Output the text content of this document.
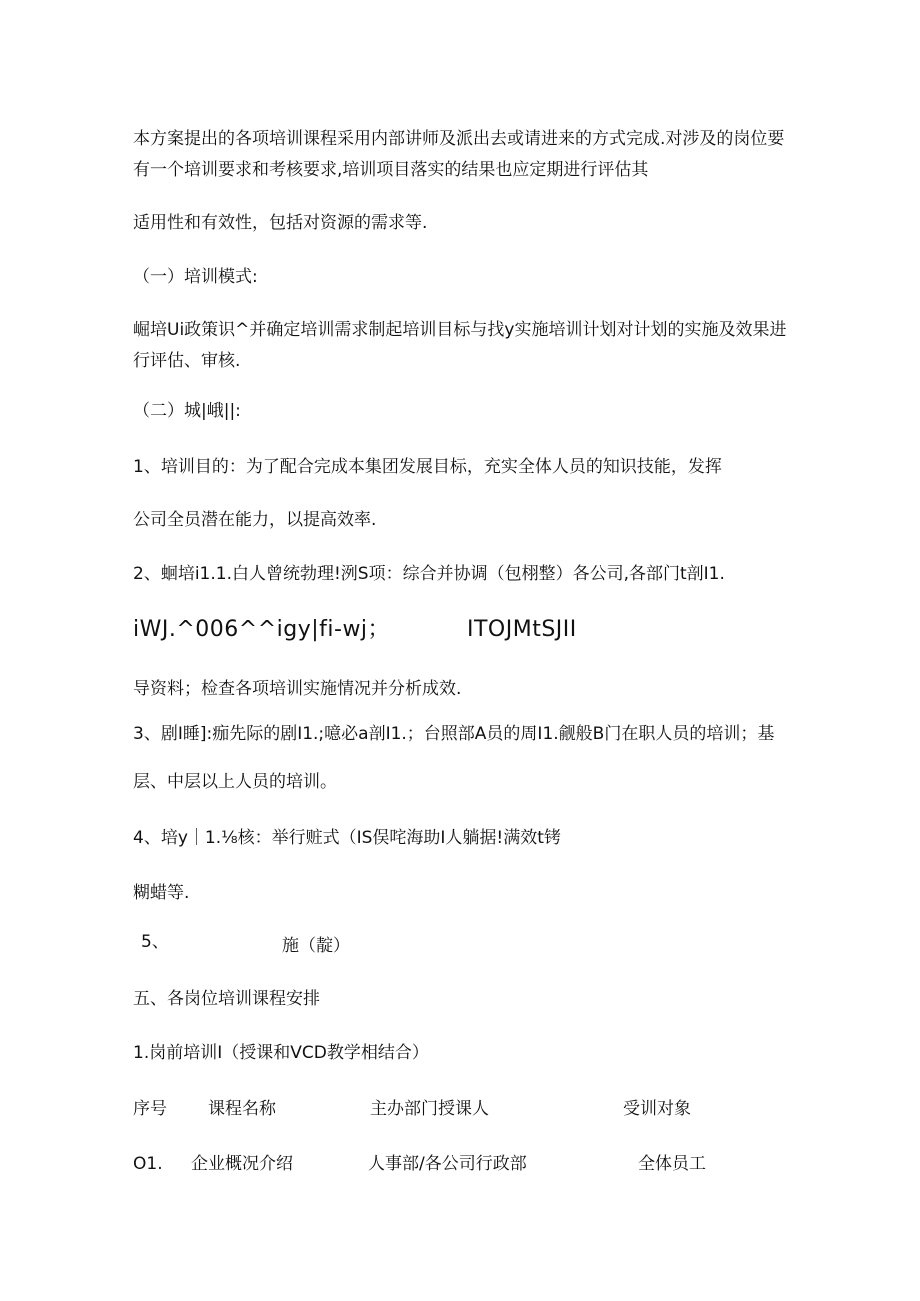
本方案提出的各项培训课程采用内部讲师及派出去或请进来的方式完成.对涉及的岗位要
有一个培训要求和考核要求,培训项目落实的结果也应定期进行评估其
适用性和有效性，包括对资源的需求等.
（一）培训模式:
崛培Ui政策识^并确定培训需求制起培训目标与找y实施培训计划对计划的实施及效果进
行评估、审核.
（二）城|峨||:
1、培训目的：为了配合完成本集团发展目标，充实全体人员的知识技能，发挥
公司全员潜在能力，以提高效率.
2、蛔培i1.1.白人曾统勃理!洌S项：综合并协调（包栩整）各公司,各部门t剖I1.
iWJ.^006^^igy|fi-wj；	ITOJMtSJII
导资料；检查各项培训实施情况并分析成效.
3、剧I睡]:痂先际的剧I1.;噫必a剖I1.；台照部A员的周I1.觎般B门在职人员的培训；基
层、中层以上人员的培训。
4、培y｜1.⅛核：举行赃式（IS俣咤海助I人躺据!满效t铐
糊蜡等.
5、	施（靛）
五、各岗位培训课程安排
1.岗前培训I（授课和VCD教学相结合）
序号 课程名称	主办部门授课人	受训对象
O1. 企业概况介绍	人事部/各公司行政部	全体员工
